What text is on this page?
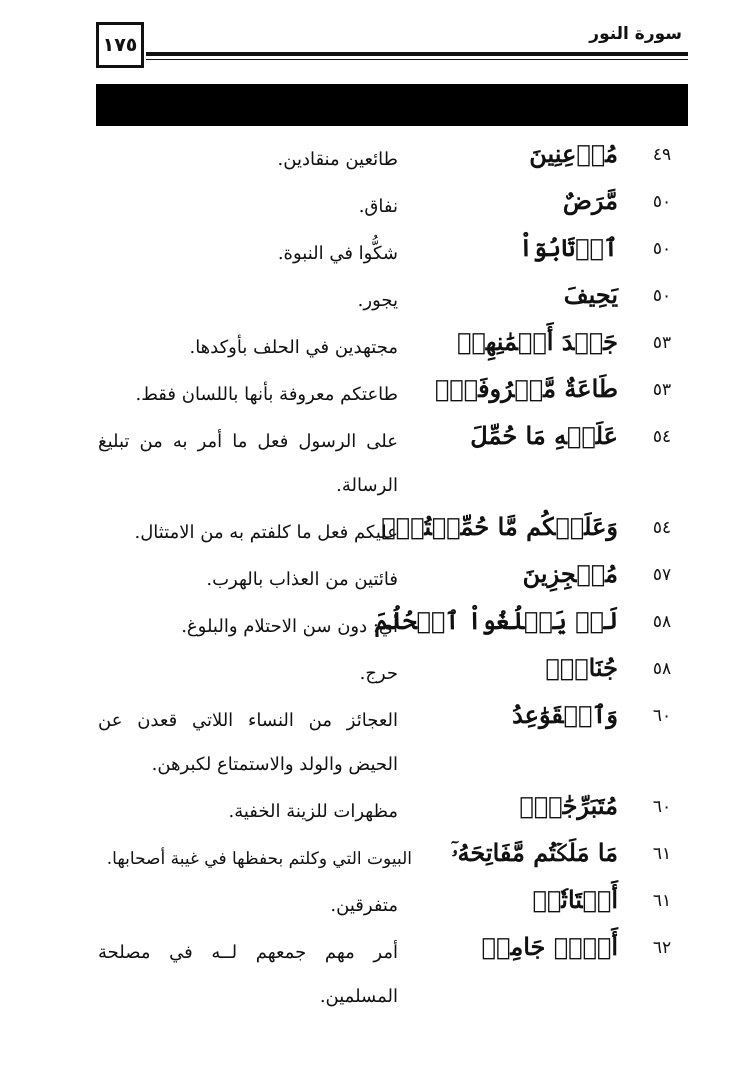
١٧٥	سورة النور
٤٩
مُذۡعِنِينَ
طائعين منقادين.
٥٠
مَّرَضٌ
نفاق.
٥٠
ٱرۡتَابُوٓاْ
شكُّوا في النبوة.
٥٠
يَحِيفَ
يجور.
٥٣
جَهۡدَ أَيۡمَٰنِهِمۡ
مجتهدين في الحلف بأوكدها.
٥٣
طَاعَةٌ مَّعۡرُوفَةٌۚ
طاعتكم معروفة بأنها باللسان فقط.
٥٤
عَلَيۡهِ مَا حُمِّلَ
على الرسول فعل ما أمر به من تبليغ الرسالة.
٥٤
وَعَلَيۡكُم مَّا حُمِّلۡتُمۡۖ
عليكم فعل ما كلفتم به من الامتثال.
٥٧
مُعۡجِزِينَ
فائتين من العذاب بالهرب.
٥٨
لَمۡ يَبۡلُغُواْ ٱلۡحُلُمَ
أي: دون سن الاحتلام والبلوغ.
٥٨
جُنَاحُۢ
حرج.
٦٠
وَٱلۡقَوَٰعِدُ
العجائز من النساء اللاتي قعدن عن الحيض والولد والاستمتاع لكبرهن.
٦٠
مُتَبَرِّجَٰتِۭ
مظهرات للزينة الخفية.
٦١
مَا مَلَكۡتُم مَّفَاتِحَهُۥٓ
البيوت التي وكلتم بحفظها في غيبة أصحابها.
٦١
أَشۡتَاتٗاۚ
متفرقين.
٦٢
أَمۡرٖ جَامِعٖ
أمر مهم جمعهم لــه في مصلحة المسلمين.
